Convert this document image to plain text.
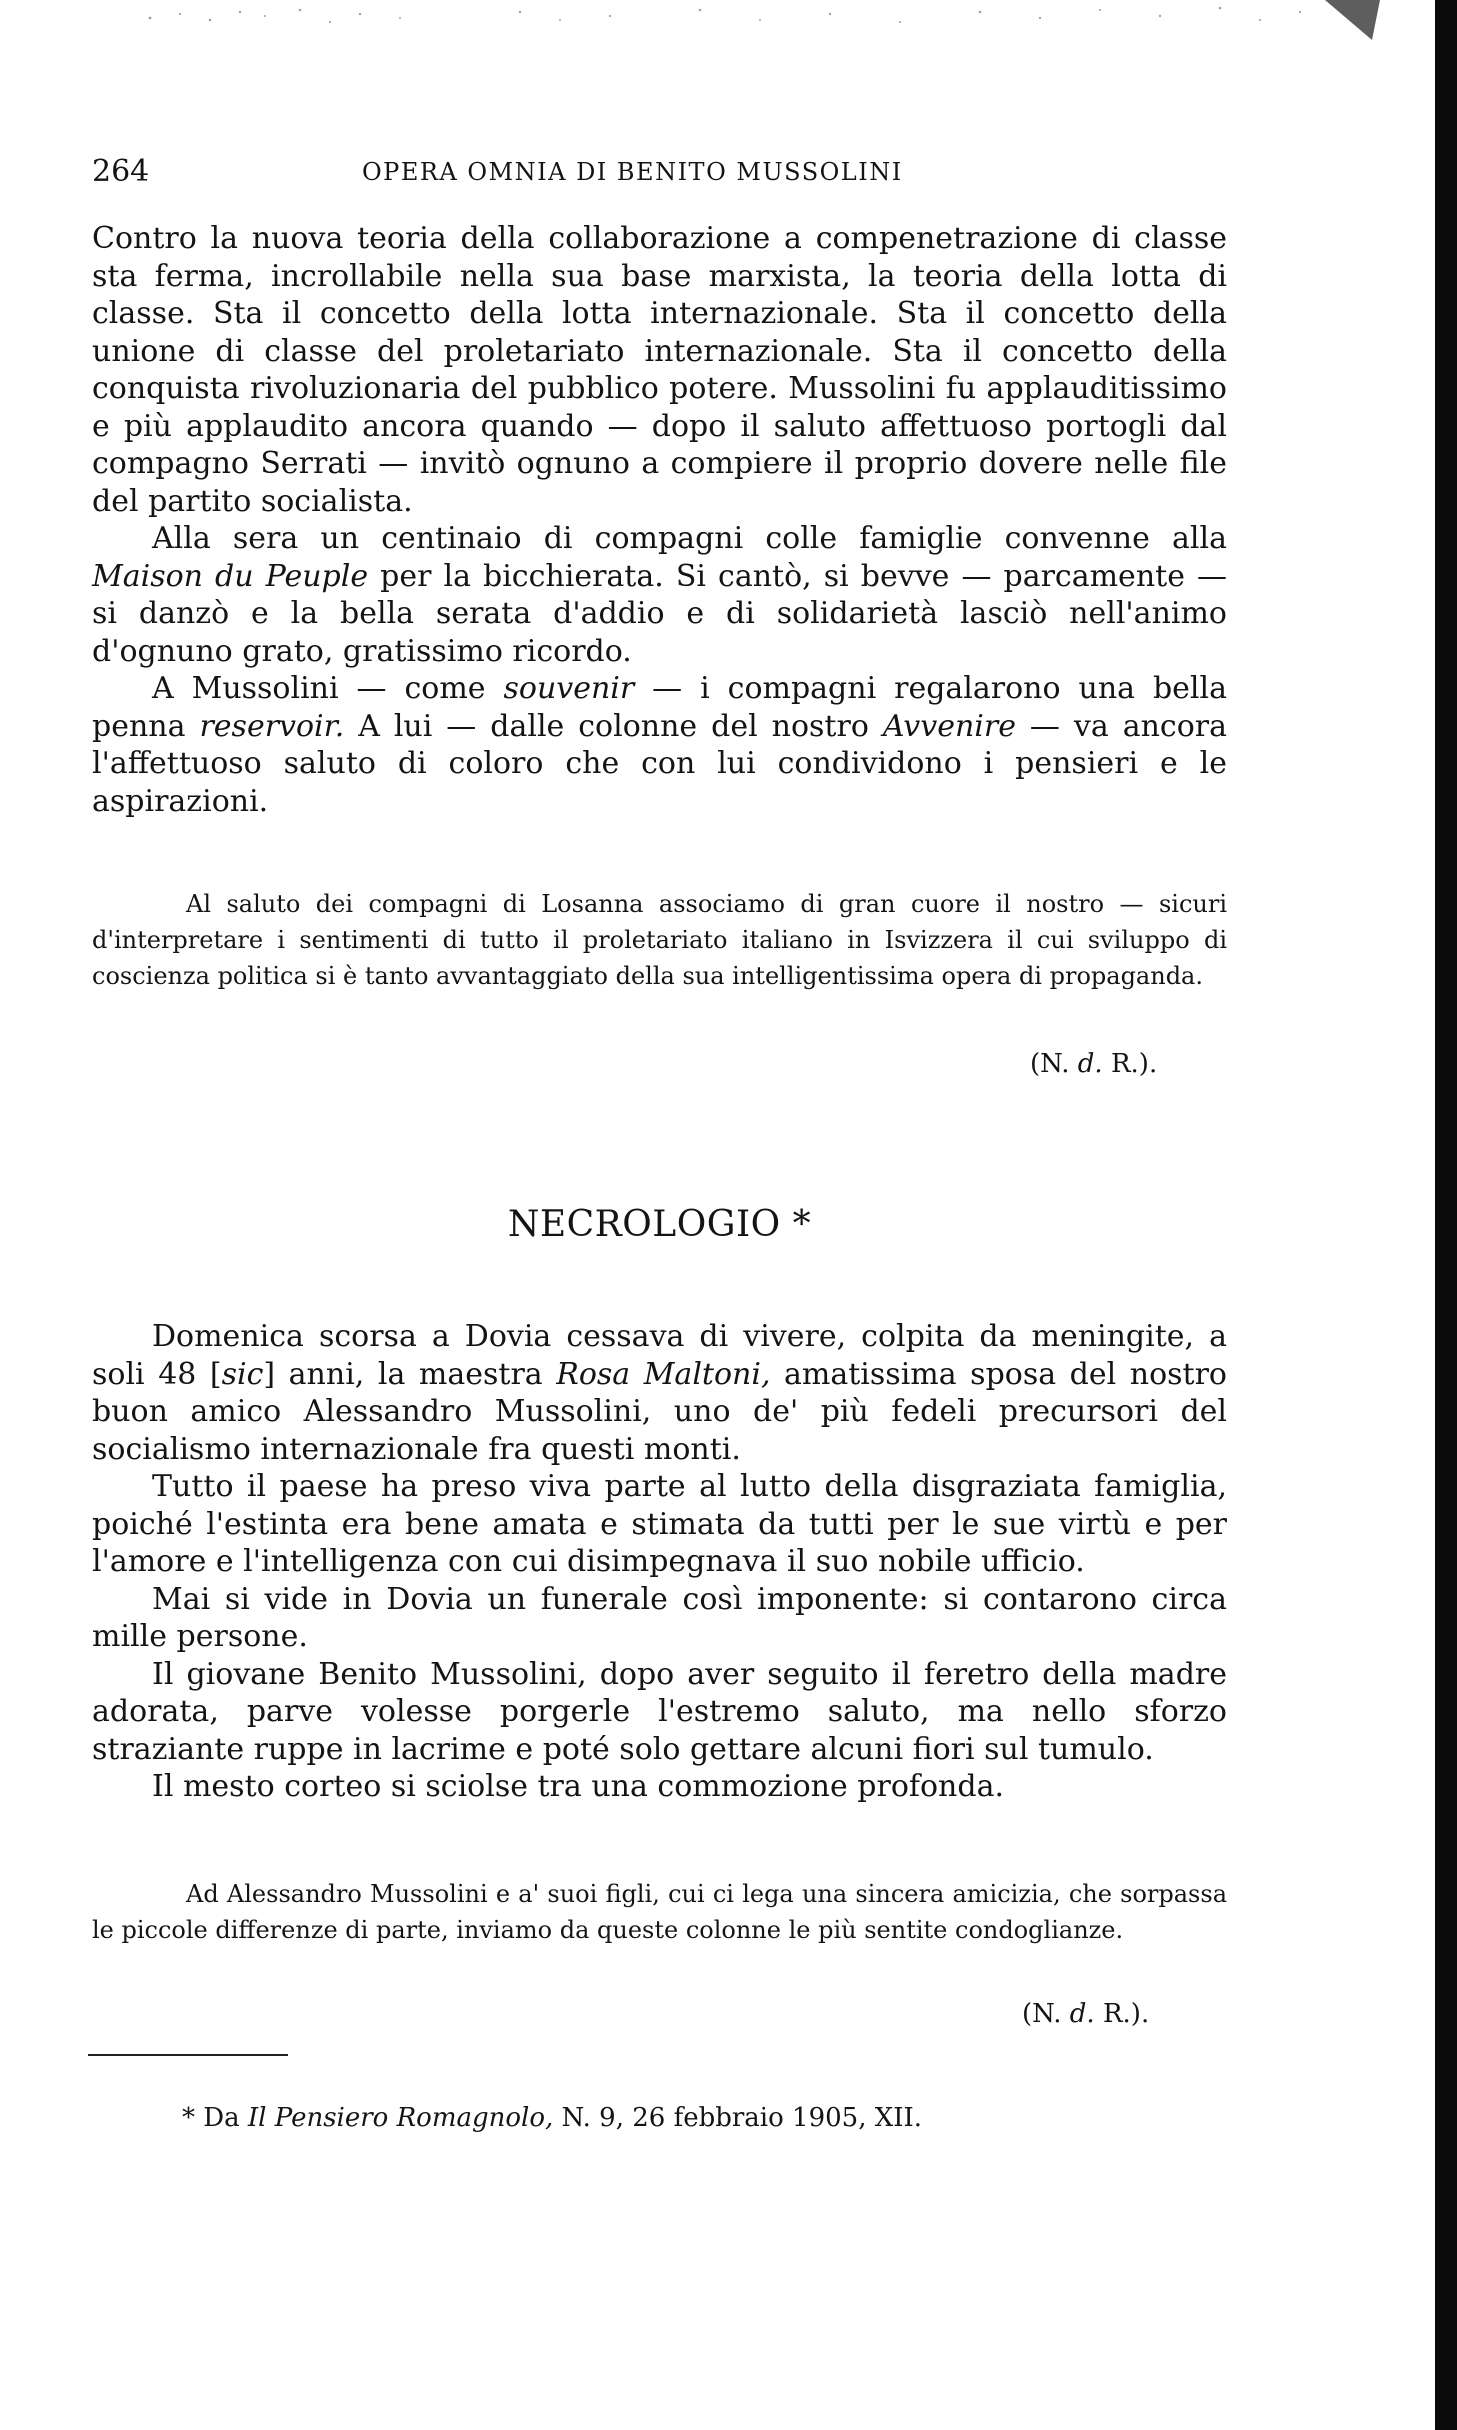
264	OPERA OMNIA DI BENITO MUSSOLINI

Contro la nuova teoria della collaborazione a compenetrazione di classe sta ferma, incrollabile nella sua base marxista, la teoria della lotta di classe. Sta il concetto della lotta internazionale. Sta il concetto della unione di classe del proletariato internazionale. Sta il concetto della conquista rivoluzionaria del pubblico potere. Mussolini fu applauditissimo e più applaudito ancora quando — dopo il saluto affettuoso portogli dal compagno Serrati — invitò ognuno a compiere il proprio dovere nelle file del partito socialista.

Alla sera un centinaio di compagni colle famiglie convenne alla Maison du Peuple per la bicchierata. Si cantò, si bevve — parcamente — si danzò e la bella serata d'addio e di solidarietà lasciò nell'animo d'ognuno grato, gratissimo ricordo.

A Mussolini — come souvenir — i compagni regalarono una bella penna reservoir. A lui — dalle colonne del nostro Avvenire — va ancora l'affettuoso saluto di coloro che con lui condividono i pensieri e le aspirazioni.

Al saluto dei compagni di Losanna associamo di gran cuore il nostro — sicuri d'interpretare i sentimenti di tutto il proletariato italiano in Isvizzera il cui sviluppo di coscienza politica si è tanto avvantaggiato della sua intelligentissima opera di propaganda.

(N. d. R.).
NECROLOGIO *

Domenica scorsa a Dovia cessava di vivere, colpita da meningite, a soli 48 [sic] anni, la maestra Rosa Maltoni, amatissima sposa del nostro buon amico Alessandro Mussolini, uno de' più fedeli precursori del socialismo internazionale fra questi monti.

Tutto il paese ha preso viva parte al lutto della disgraziata famiglia, poiché l'estinta era bene amata e stimata da tutti per le sue virtù e per l'amore e l'intelligenza con cui disimpegnava il suo nobile ufficio.

Mai si vide in Dovia un funerale così imponente: si contarono circa mille persone.

Il giovane Benito Mussolini, dopo aver seguito il feretro della madre adorata, parve volesse porgerle l'estremo saluto, ma nello sforzo straziante ruppe in lacrime e poté solo gettare alcuni fiori sul tumulo.

Il mesto corteo si sciolse tra una commozione profonda.

Ad Alessandro Mussolini e a' suoi figli, cui ci lega una sincera amicizia, che sorpassa le piccole differenze di parte, inviamo da queste colonne le più sentite condoglianze.

(N. d. R.).
* Da Il Pensiero Romagnolo, N. 9, 26 febbraio 1905, XII.
